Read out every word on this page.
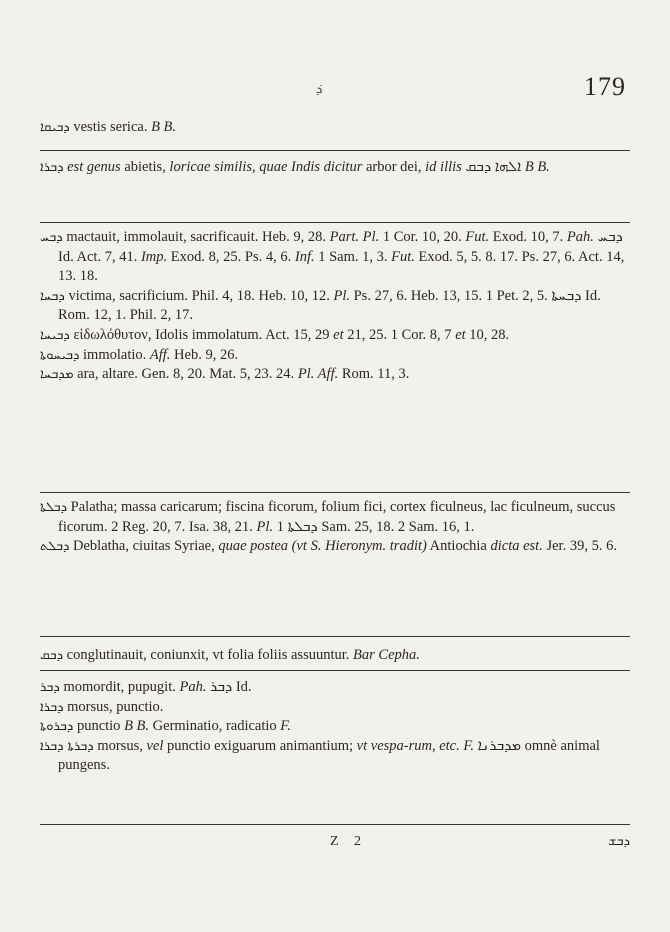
ܕ݁	179

ܕܒܝܩܐ vestis serica. B B.

ܕܒܪܐ est genus abietis, loricae similis, quae Indis dicitur arbor dei, id illis ܐܠܗܐ ܕܒܩ B B.

ܕܒܚ mactauit, immolauit, sacrificauit. Heb. 9, 28. Part. Pl. 1 Cor. 10, 20. Fut. Exod. 10, 7. Pah. ܕܒܚ Id. Act. 7, 41. Imp. Exod. 8, 25. Ps. 4, 6. Inf. 1 Sam. 1, 3. Fut. Exod. 5, 5. 8. 17. Ps. 27, 6. Act. 14, 13. 18.

ܕܒܚܐ victima, sacrificium. Phil. 4, 18. Heb. 10, 12. Pl. Ps. 27, 6. Heb. 13, 15. 1 Pet. 2, 5. ܕܒܚܬܐ Id. Rom. 12, 1. Phil. 2, 17.

ܕܒܝܚܐ εἰδωλόθυτον, Idolis immolatum. Act. 15, 29 et 21, 25. 1 Cor. 8, 7 et 10, 28.

ܕܒܝܚܘܬܐ immolatio. Aff. Heb. 9, 26.

ܡܕܒܚܐ ara, altare. Gen. 8, 20. Mat. 5, 23. 24. Pl. Aff. Rom. 11, 3.

ܕܒܠܬܐ Palatha; massa caricarum; fiscina ficorum, folium fici, cortex ficulneus, lac ficulneum, succus ficorum. 2 Reg. 20, 7. Isa. 38, 21. Pl. ܕܒܠܬܐ 1 Sam. 25, 18. 2 Sam. 16, 1.

ܕܒܠܬ Deblatha, ciuitas Syriae, quae postea (vt S. Hieronym. tradit) Antiochia dicta est. Jer. 39, 5. 6.

ܕܒܩ conglutinauit, coniunxit, vt folia foliis assuuntur. Bar Cepha.

ܕܒܪ momordit, pupugit. Pah. ܕܒܪ Id.

ܕܒܪܐ morsus, punctio.

ܕܒܪܘܬܐ punctio B B. Germinatio, radicatio F.

ܕܒܪܬܐ ܕܒܪܐ morsus, vel punctio exiguarum animantium; vt vespa-rum, etc. F. ܡܕܒܪܢܐ omnè animal pungens.

Z 2	ܕܒܫ
